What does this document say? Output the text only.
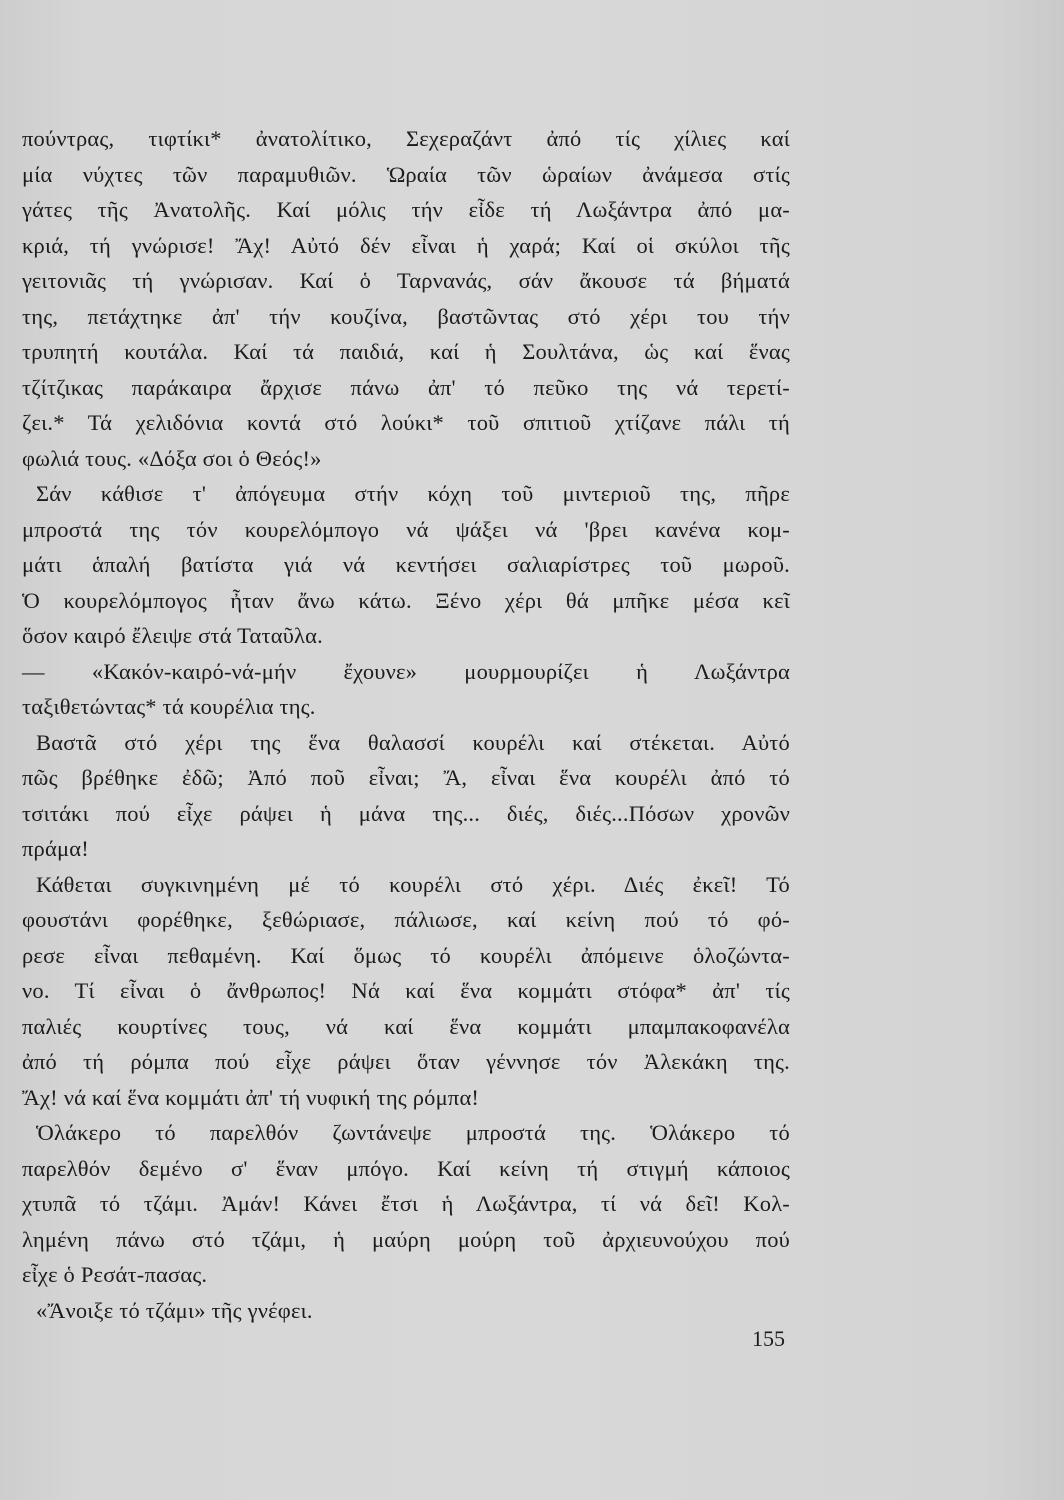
πούντρας, τιφτίκι* ἀνατολίτικο, Σεχεραζάντ ἀπό τίς χίλιες καί
μία νύχτες τῶν παραμυθιῶν. Ὡραία τῶν ὡραίων ἀνάμεσα στίς
γάτες τῆς Ἀνατολῆς. Καί μόλις τήν εἶδε τή Λωξάντρα ἀπό μα-
κριά, τή γνώρισε! Ἄχ! Αὐτό δέν εἶναι ἡ χαρά; Καί οἱ σκύλοι τῆς
γειτονιᾶς τή γνώρισαν. Καί ὁ Ταρνανάς, σάν ἄκουσε τά βήματά
της, πετάχτηκε ἀπ' τήν κουζίνα, βαστῶντας στό χέρι του τήν
τρυπητή κουτάλα. Καί τά παιδιά, καί ἡ Σουλτάνα, ὡς καί ἕνας
τζίτζικας παράκαιρα ἄρχισε πάνω ἀπ' τό πεῦκο της νά τερετί-
ζει.* Τά χελιδόνια κοντά στό λούκι* τοῦ σπιτιοῦ χτίζανε πάλι τή
φωλιά τους. «Δόξα σοι ὁ Θεός!»
Σάν κάθισε τ' ἀπόγευμα στήν κόχη τοῦ μιντεριοῦ της, πῆρε
μπροστά της τόν κουρελόμπογο νά ψάξει νά 'βρει κανένα κομ-
μάτι ἁπαλή βατίστα γιά νά κεντήσει σαλιαρίστρες τοῦ μωροῦ.
Ὁ κουρελόμπογος ἦταν ἄνω κάτω. Ξένο χέρι θά μπῆκε μέσα κεῖ
ὅσον καιρό ἔλειψε στά Ταταῦλα.
— «Κακόν-καιρό-νά-μήν ἔχουνε» μουρμουρίζει ἡ Λωξάντρα
ταξιθετώντας* τά κουρέλια της.
Βαστᾶ στό χέρι της ἕνα θαλασσί κουρέλι καί στέκεται. Αὐτό
πῶς βρέθηκε ἐδῶ; Ἀπό ποῦ εἶναι; Ἄ, εἶναι ἕνα κουρέλι ἀπό τό
τσιτάκι πού εἶχε ράψει ἡ μάνα της... διές, διές...Πόσων χρονῶν
πράμα!
Κάθεται συγκινημένη μέ τό κουρέλι στό χέρι. Διές ἐκεῖ! Τό
φουστάνι φορέθηκε, ξεθώριασε, πάλιωσε, καί κείνη πού τό φό-
ρεσε εἶναι πεθαμένη. Καί ὅμως τό κουρέλι ἀπόμεινε ὁλοζώντα-
νο. Τί εἶναι ὁ ἄνθρωπος! Νά καί ἕνα κομμάτι στόφα* ἀπ' τίς
παλιές κουρτίνες τους, νά καί ἕνα κομμάτι μπαμπακοφανέλα
ἀπό τή ρόμπα πού εἶχε ράψει ὅταν γέννησε τόν Ἀλεκάκη της.
Ἄχ! νά καί ἕνα κομμάτι ἀπ' τή νυφική της ρόμπα!
Ὁλάκερο τό παρελθόν ζωντάνεψε μπροστά της. Ὁλάκερο τό
παρελθόν δεμένο σ' ἕναν μπόγο. Καί κείνη τή στιγμή κάποιος
χτυπᾶ τό τζάμι. Ἀμάν! Κάνει ἔτσι ἡ Λωξάντρα, τί νά δεῖ! Κολ-
λημένη πάνω στό τζάμι, ἡ μαύρη μούρη τοῦ ἀρχιευνούχου πού
εἶχε ὁ Ρεσάτ-πασας.
«Ἄνοιξε τό τζάμι» τῆς γνέφει.
155
